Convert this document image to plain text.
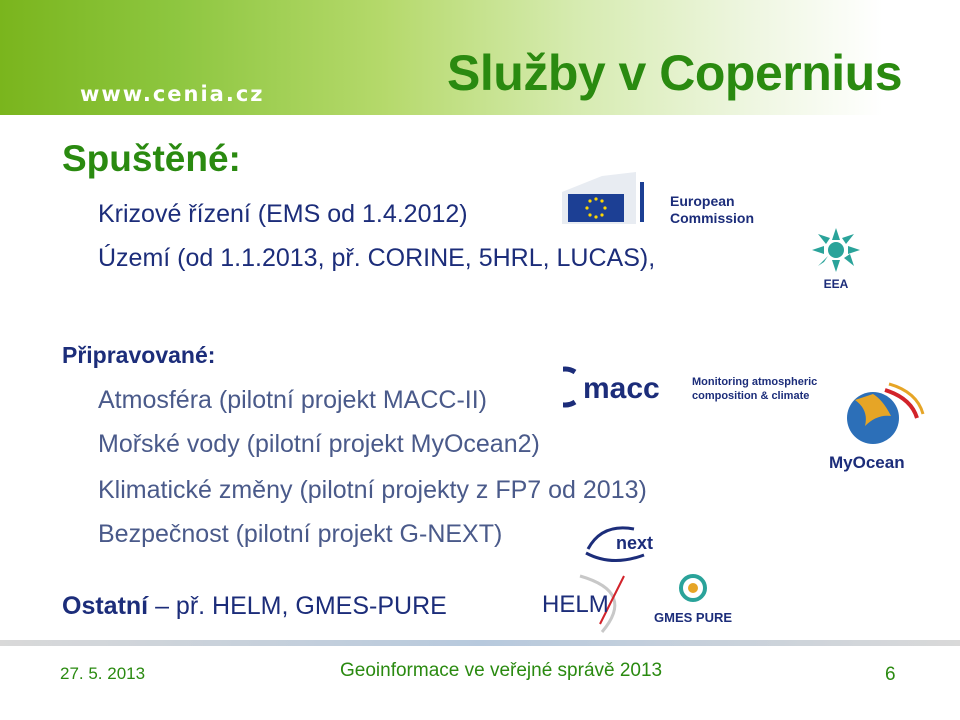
www.cenia.cz	Služby v Copernius
Spuštěné:
Krizové řízení (EMS od 1.4.2012)
Území (od 1.1.2013, př. CORINE, 5HRL, LUCAS),
Připravované:
Atmosféra (pilotní projekt MACC-II)
Mořské vody (pilotní projekt MyOcean2)
Klimatické změny (pilotní projekty z FP7 od 2013)
Bezpečnost (pilotní projekt G-NEXT)
Ostatní – př. HELM, GMES-PURE
European
Commission
EEA
macc	Monitoring atmospheric
composition & climate
MyOcean
next
HELM	GMES PURE
27. 5. 2013	Geoinformace ve veřejné správě 2013	6
